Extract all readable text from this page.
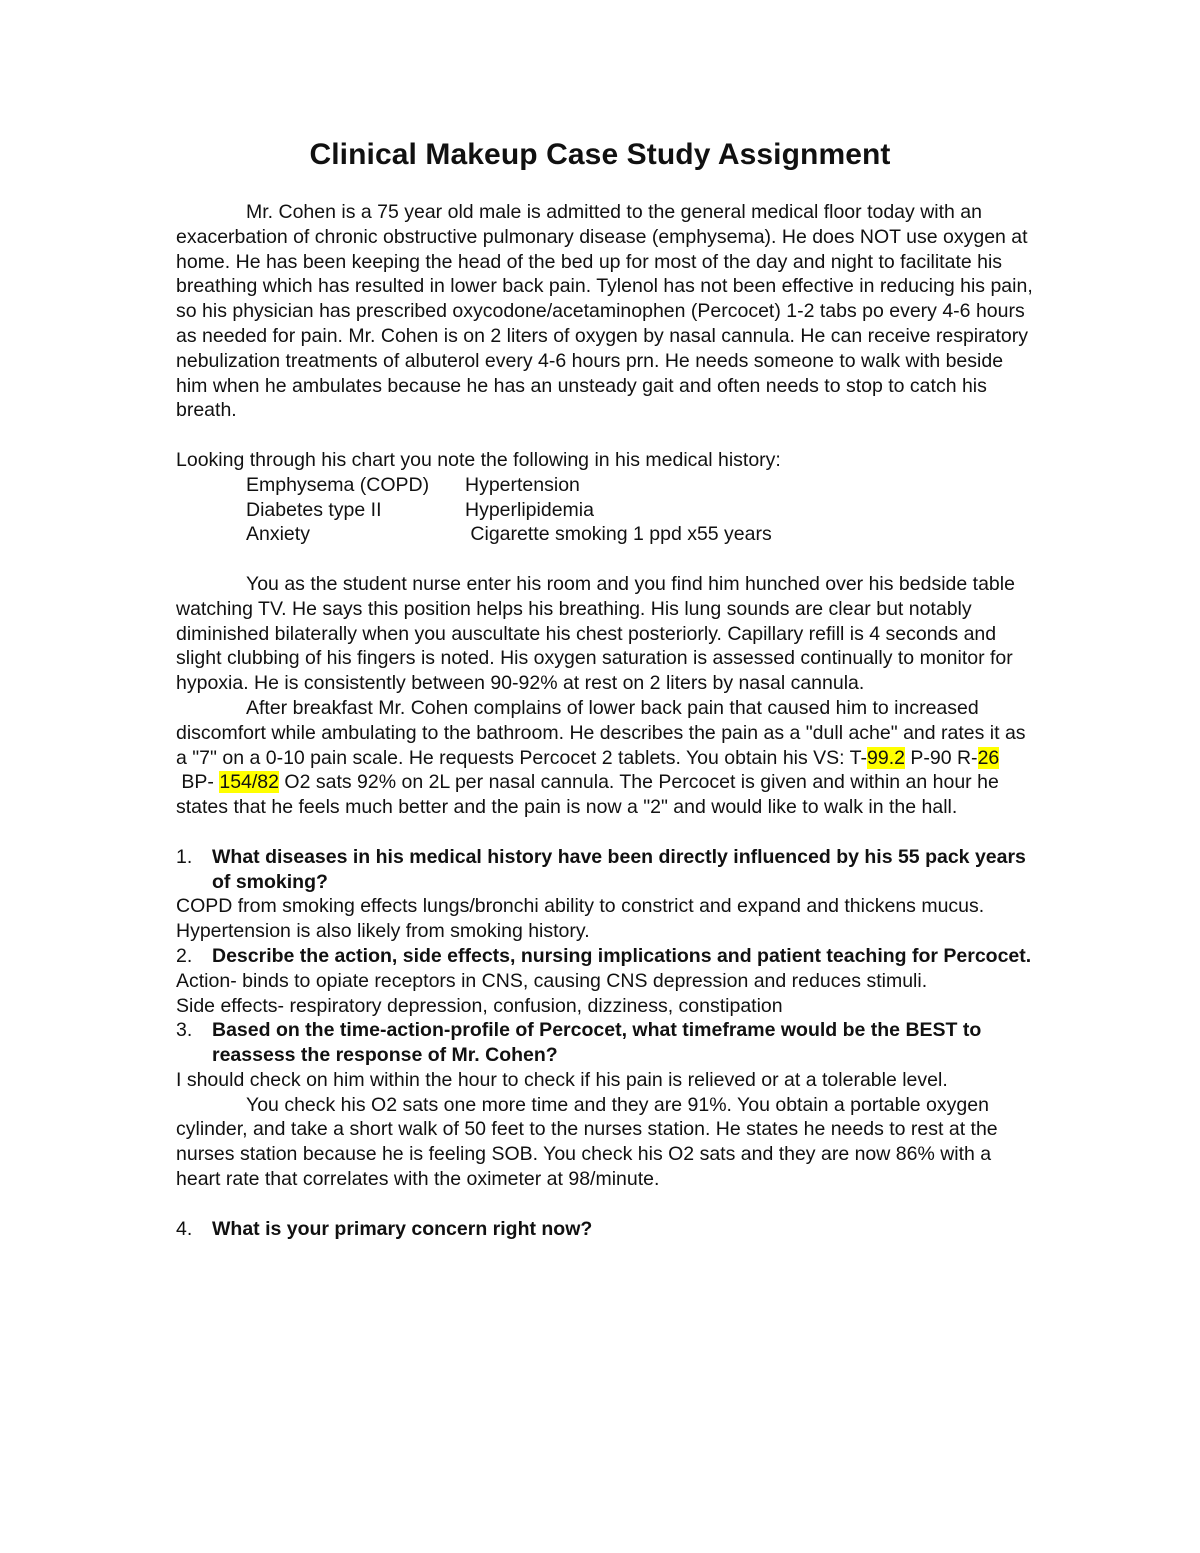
Clinical Makeup Case Study Assignment

Mr. Cohen is a 75 year old male is admitted to the general medical floor today with an exacerbation of chronic obstructive pulmonary disease (emphysema). He does NOT use oxygen at home. He has been keeping the head of the bed up for most of the day and night to facilitate his breathing which has resulted in lower back pain. Tylenol has not been effective in reducing his pain, so his physician has prescribed oxycodone/acetaminophen (Percocet) 1-2 tabs po every 4-6 hours as needed for pain. Mr. Cohen is on 2 liters of oxygen by nasal cannula. He can receive respiratory nebulization treatments of albuterol every 4-6 hours prn. He needs someone to walk with beside him when he ambulates because he has an unsteady gait and often needs to stop to catch his breath.

Looking through his chart you note the following in his medical history:

Emphysema (COPD)	Hypertension
Diabetes type II	Hyperlipidemia
Anxiety	Cigarette smoking 1 ppd x55 years

You as the student nurse enter his room and you find him hunched over his bedside table watching TV. He says this position helps his breathing. His lung sounds are clear but notably diminished bilaterally when you auscultate his chest posteriorly. Capillary refill is 4 seconds and slight clubbing of his fingers is noted. His oxygen saturation is assessed continually to monitor for hypoxia. He is consistently between 90-92% at rest on 2 liters by nasal cannula.

After breakfast Mr. Cohen complains of lower back pain that caused him to increased discomfort while ambulating to the bathroom. He describes the pain as a "dull ache" and rates it as a "7" on a 0-10 pain scale. He requests Percocet 2 tablets. You obtain his VS: T-99.2 P-90 R-26 BP- 154/82 O2 sats 92% on 2L per nasal cannula. The Percocet is given and within an hour he states that he feels much better and the pain is now a "2" and would like to walk in the hall.

1.	What diseases in his medical history have been directly influenced by his 55 pack years of smoking?

COPD from smoking effects lungs/bronchi ability to constrict and expand and thickens mucus. Hypertension is also likely from smoking history.

2.	Describe the action, side effects, nursing implications and patient teaching for Percocet.

Action- binds to opiate receptors in CNS, causing CNS depression and reduces stimuli.

Side effects- respiratory depression, confusion, dizziness, constipation

3.	Based on the time-action-profile of Percocet, what timeframe would be the BEST to reassess the response of Mr. Cohen?

I should check on him within the hour to check if his pain is relieved or at a tolerable level.

You check his O2 sats one more time and they are 91%. You obtain a portable oxygen cylinder, and take a short walk of 50 feet to the nurses station. He states he needs to rest at the nurses station because he is feeling SOB. You check his O2 sats and they are now 86% with a heart rate that correlates with the oximeter at 98/minute.

4.	What is your primary concern right now?
